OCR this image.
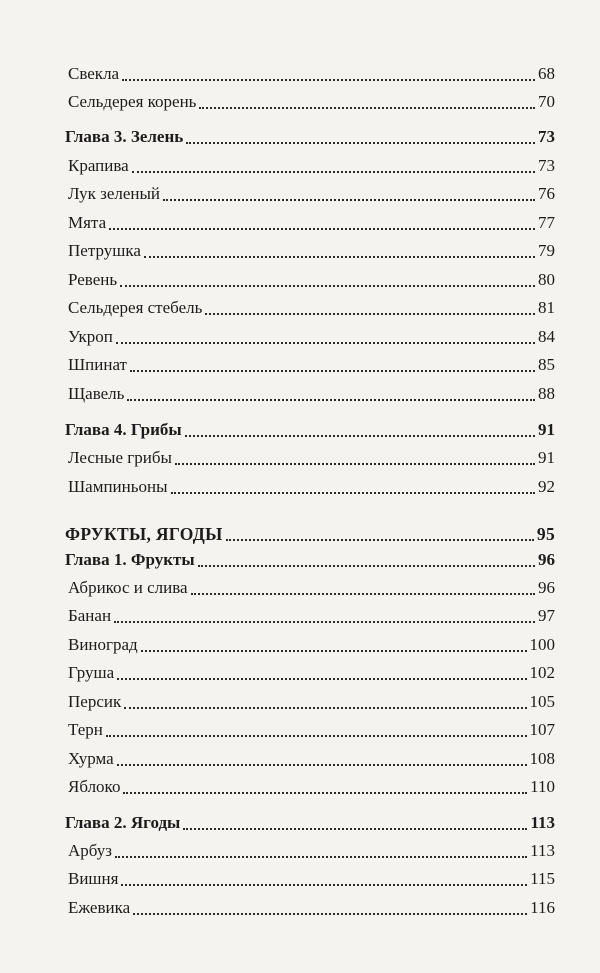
Свекла	68
Сельдерея корень	70
Глава 3. Зелень	73
Крапива	73
Лук зеленый	76
Мята	77
Петрушка	79
Ревень	80
Сельдерея стебель	81
Укроп	84
Шпинат	85
Щавель	88
Глава 4. Грибы	91
Лесные грибы	91
Шампиньоны	92
ФРУКТЫ, ЯГОДЫ	95
Глава 1. Фрукты	96
Абрикос и слива	96
Банан	97
Виноград	100
Груша	102
Персик	105
Терн	107
Хурма	108
Яблоко	110
Глава 2. Ягоды	113
Арбуз	113
Вишня	115
Ежевика	116
